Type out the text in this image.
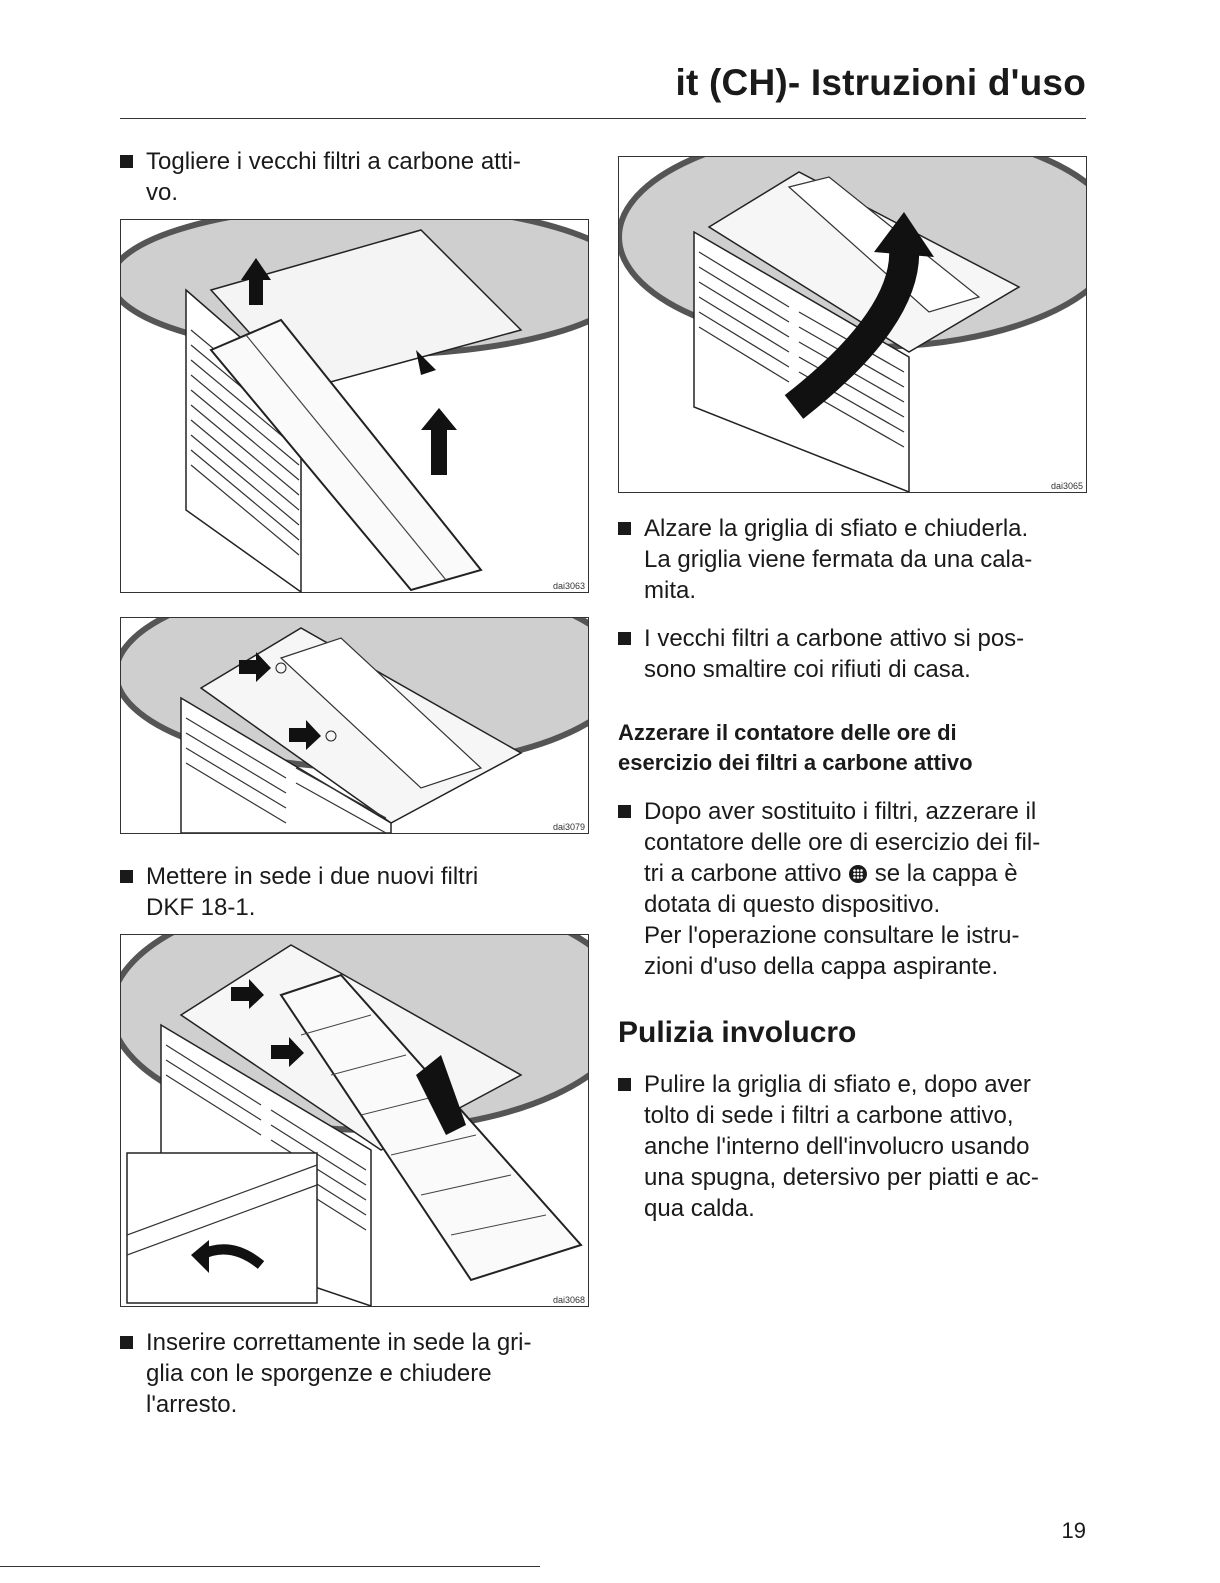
it (CH)- Istruzioni d'uso

Togliere i vecchi filtri a carbone atti-

vo.

dai3063
dai3079

Mettere in sede i due nuovi filtri

DKF 18-1.

dai3068

Inserire correttamente in sede la gri-

glia con le sporgenze e chiudere

l'arresto.

dai3065

Alzare la griglia di sfiato e chiuderla.

La griglia viene fermata da una cala-

mita.

I vecchi filtri a carbone attivo si pos-

sono smaltire coi rifiuti di casa.

Azzerare il contatore delle ore di
esercizio dei filtri a carbone attivo

Dopo aver sostituito i filtri, azzerare il

contatore delle ore di esercizio dei fil-

tri a carbone attivo se la cappa è

dotata di questo dispositivo.

Per l'operazione consultare le istru-

zioni d'uso della cappa aspirante.

Pulizia involucro

Pulire la griglia di sfiato e, dopo aver

tolto di sede i filtri a carbone attivo,

anche l'interno dell'involucro usando

una spugna, detersivo per piatti e ac-

qua calda.

19
